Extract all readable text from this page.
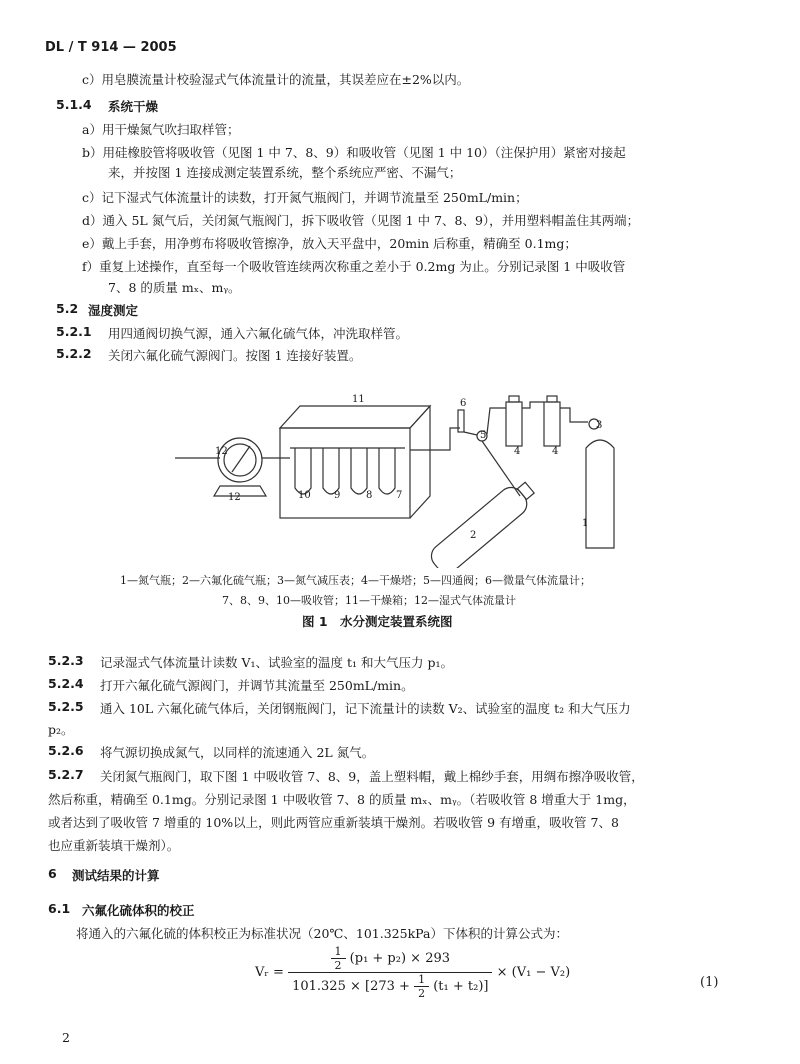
DL / T 914 — 2005
c）用皂膜流量计校验湿式气体流量计的流量，其误差应在±2%以内。
5.1.4 系统干燥
a）用干燥氮气吹扫取样管；
b）用硅橡胶管将吸收管（见图 1 中 7、8、9）和吸收管（见图 1 中 10）（注保护用）紧密对接起
来，并按图 1 连接成测定装置系统，整个系统应严密、不漏气；
c）记下湿式气体流量计的读数，打开氮气瓶阀门，并调节流量至 250mL/min；
d）通入 5L 氮气后，关闭氮气瓶阀门，拆下吸收管（见图 1 中 7、8、9），并用塑料帽盖住其两端；
e）戴上手套，用净剪布将吸收管擦净，放入天平盘中，20min 后称重，精确至 0.1mg；
f）重复上述操作，直至每一个吸收管连续两次称重之差小于 0.2mg 为止。分别记录图 1 中吸收管
7、8 的质量 mₓ、mᵧ。
5.2 湿度测定
5.2.1 用四通阀切换气源，通入六氟化硫气体，冲洗取样管。
5.2.2 关闭六氟化硫气源阀门。按图 1 连接好装置。
12
12
11
10 9	8 7
6
5
4	4
3
2
1
1—氮气瓶；2—六氟化硫气瓶；3—氮气减压表；4—干燥塔；5—四通阀；6—微量气体流量计；
7、8、9、10—吸收管；11—干燥箱；12—湿式气体流量计
图 1　水分测定装置系统图
5.2.3 记录湿式气体流量计读数 V₁、试验室的温度 t₁ 和大气压力 p₁。
5.2.4 打开六氟化硫气源阀门，并调节其流量至 250mL/min。
5.2.5 通入 10L 六氟化硫气体后，关闭钢瓶阀门，记下流量计的读数 V₂、试验室的温度 t₂ 和大气压力
p₂。
5.2.6 将气源切换成氮气，以同样的流速通入 2L 氮气。
5.2.7 关闭氮气瓶阀门，取下图 1 中吸收管 7、8、9，盖上塑料帽，戴上棉纱手套，用绸布擦净吸收管，
然后称重，精确至 0.1mg。分别记录图 1 中吸收管 7、8 的质量 mₓ、mᵧ。（若吸收管 8 增重大于 1mg，
或者达到了吸收管 7 增重的 10%以上，则此两管应重新装填干燥剂。若吸收管 9 有增重，吸收管 7、8
也应重新装填干燥剂）。
6 测试结果的计算
6.1 六氟化硫体积的校正
将通入的六氟化硫的体积校正为标准状况（20℃、101.325kPa）下体积的计算公式为：
Vᵣ = $\frac{\frac{1}{2} (p_1 + p_2) \times 293}{101.325 \times [273 + \frac{1}{2} (t_1 + t_2)]} \times (V_1 - V_2)$
(1)
2
